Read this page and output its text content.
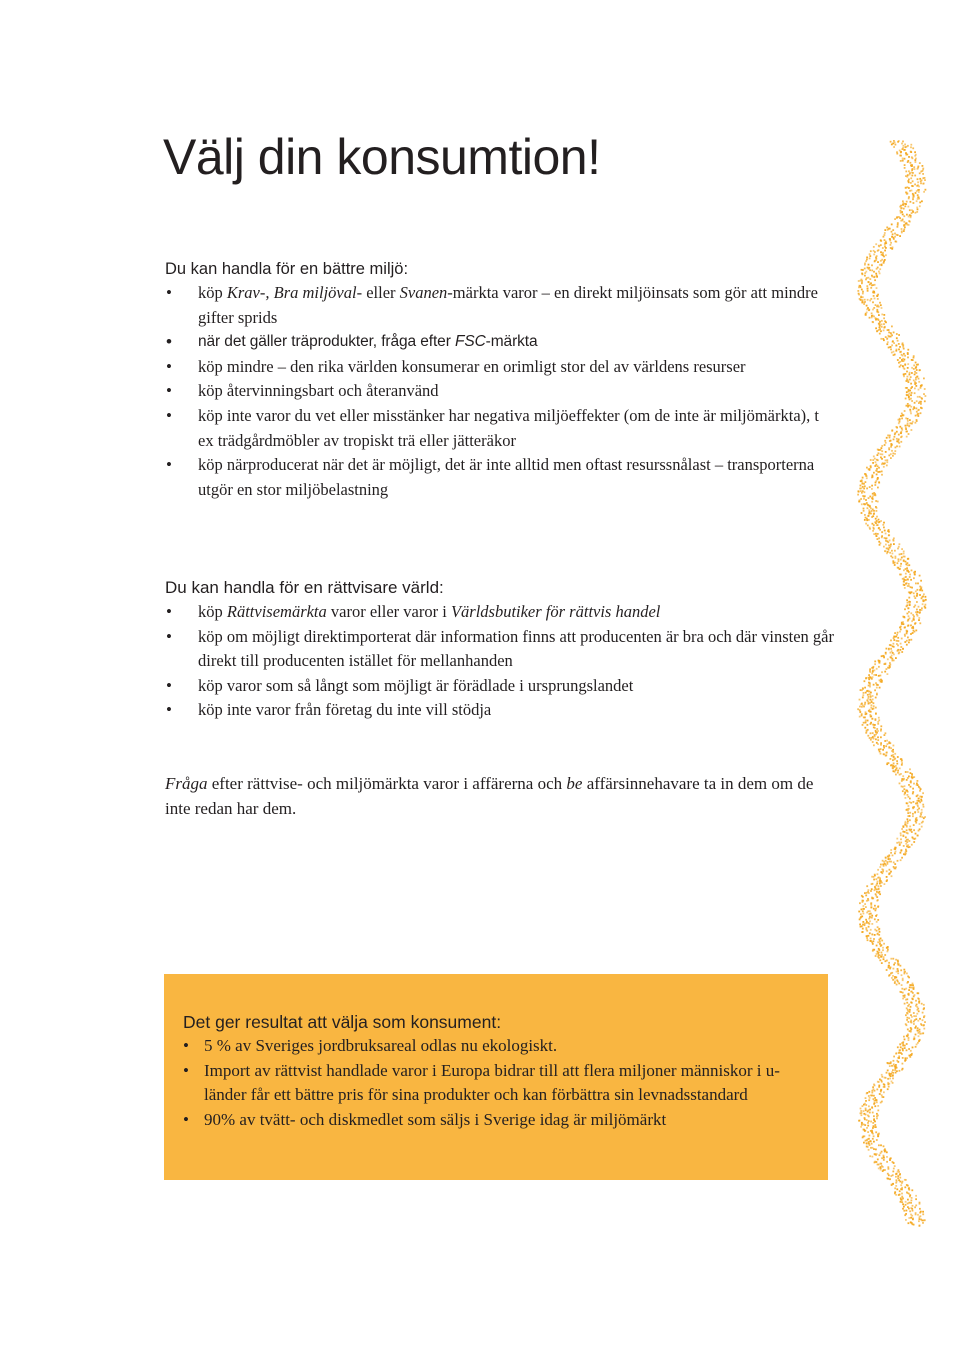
Välj din konsumtion!

Du kan handla för en bättre miljö:

• köp Krav-, Bra miljöval- eller Svanen-märkta varor – en direkt miljöinsats som gör att mindre gifter sprids
• när det gäller träprodukter, fråga efter FSC-märkta
• köp mindre – den rika världen konsumerar en orimligt stor del av världens resurser
• köp återvinningsbart och återanvänd
• köp inte varor du vet eller misstänker har negativa miljöeffekter (om de inte är miljömärkta), t ex trädgårdmöbler av tropiskt trä eller jätteräkor
• köp närproducerat när det är möjligt, det är inte alltid men oftast resurssnålast – transporterna utgör en stor miljöbelastning

Du kan handla för en rättvisare värld:

• köp Rättvisemärkta varor eller varor i Världsbutiker för rättvis handel
• köp om möjligt direktimporterat där information finns att producenten är bra och där vinsten går direkt till producenten istället för mellanhanden
• köp varor som så långt som möjligt är förädlade i ursprungslandet
• köp inte varor från företag du inte vill stödja

Fråga efter rättvise- och miljömärkta varor i affärerna och be affärsinnehavare ta in dem om de inte redan har dem.

Det ger resultat att välja som konsument:

• 5 % av Sveriges jordbruksareal odlas nu ekologiskt.
• Import av rättvist handlade varor i Europa bidrar till att flera miljoner människor i u-länder får ett bättre pris för sina produkter och kan förbättra sin levnadsstandard
• 90% av tvätt- och diskmedlet som säljs i Sverige idag är miljömärkt
